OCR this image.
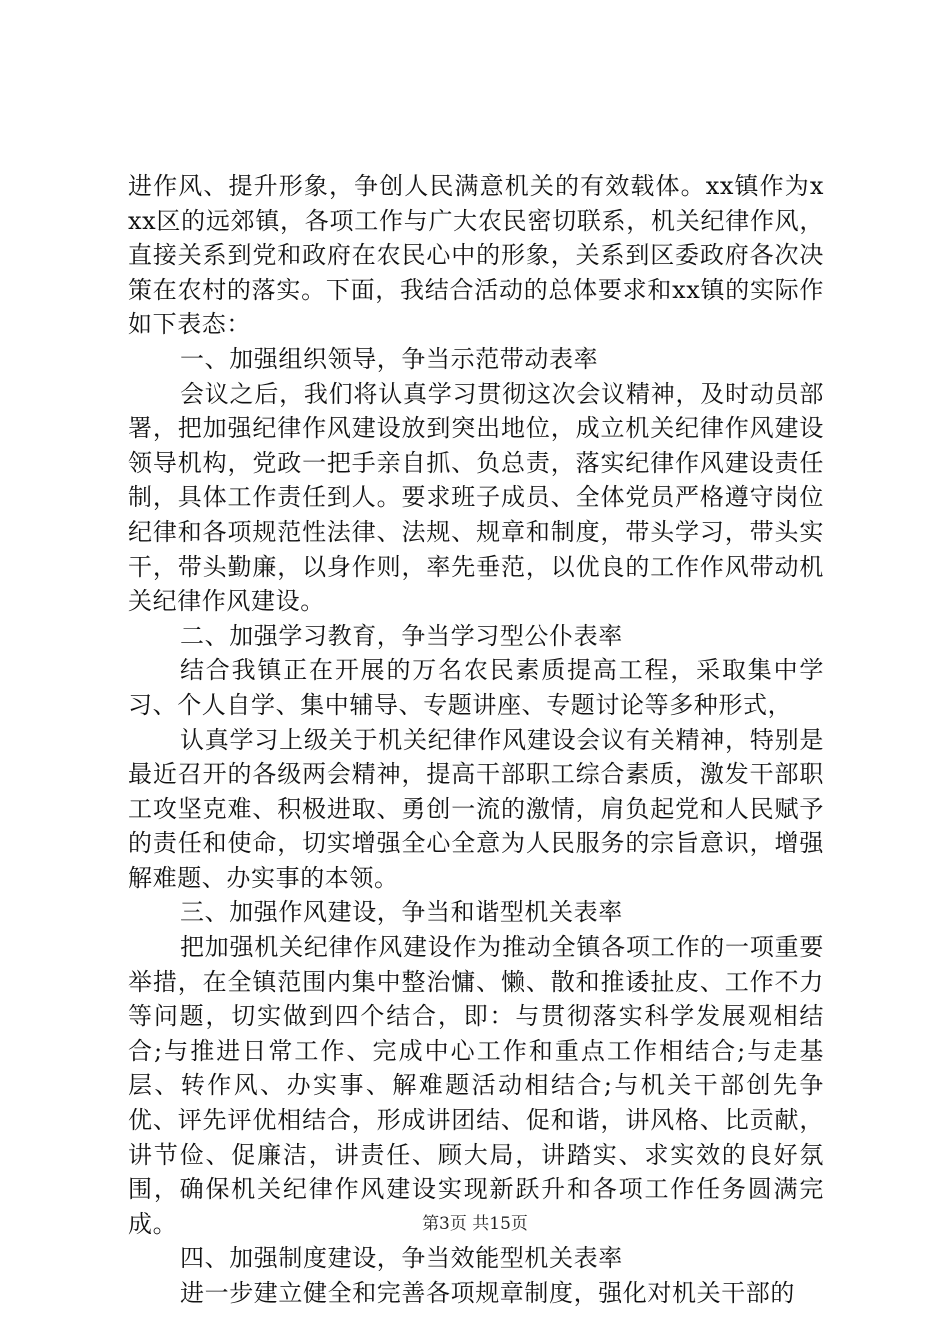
进作风、提升形象，争创人民满意机关的有效载体。xx镇作为xxx区的远郊镇，各项工作与广大农民密切联系，机关纪律作风，直接关系到党和政府在农民心中的形象，关系到区委政府各次决策在农村的落实。下面，我结合活动的总体要求和xx镇的实际作如下表态：

一、加强组织领导，争当示范带动表率

会议之后，我们将认真学习贯彻这次会议精神，及时动员部署，把加强纪律作风建设放到突出地位，成立机关纪律作风建设领导机构，党政一把手亲自抓、负总责，落实纪律作风建设责任制，具体工作责任到人。要求班子成员、全体党员严格遵守岗位纪律和各项规范性法律、法规、规章和制度，带头学习，带头实干，带头勤廉，以身作则，率先垂范，以优良的工作作风带动机关纪律作风建设。

二、加强学习教育，争当学习型公仆表率

结合我镇正在开展的万名农民素质提高工程，采取集中学习、个人自学、集中辅导、专题讲座、专题讨论等多种形式，

认真学习上级关于机关纪律作风建设会议有关精神，特别是最近召开的各级两会精神，提高干部职工综合素质，激发干部职工攻坚克难、积极进取、勇创一流的激情，肩负起党和人民赋予的责任和使命，切实增强全心全意为人民服务的宗旨意识，增强解难题、办实事的本领。

三、加强作风建设，争当和谐型机关表率

把加强机关纪律作风建设作为推动全镇各项工作的一项重要举措，在全镇范围内集中整治慵、懒、散和推诿扯皮、工作不力等问题，切实做到四个结合，即：与贯彻落实科学发展观相结合;与推进日常工作、完成中心工作和重点工作相结合;与走基层、转作风、办实事、解难题活动相结合;与机关干部创先争优、评先评优相结合，形成讲团结、促和谐，讲风格、比贡献，讲节俭、促廉洁，讲责任、顾大局，讲踏实、求实效的良好氛围，确保机关纪律作风建设实现新跃升和各项工作任务圆满完成。

四、加强制度建设，争当效能型机关表率

进一步建立健全和完善各项规章制度，强化对机关干部的

第3页 共15页
